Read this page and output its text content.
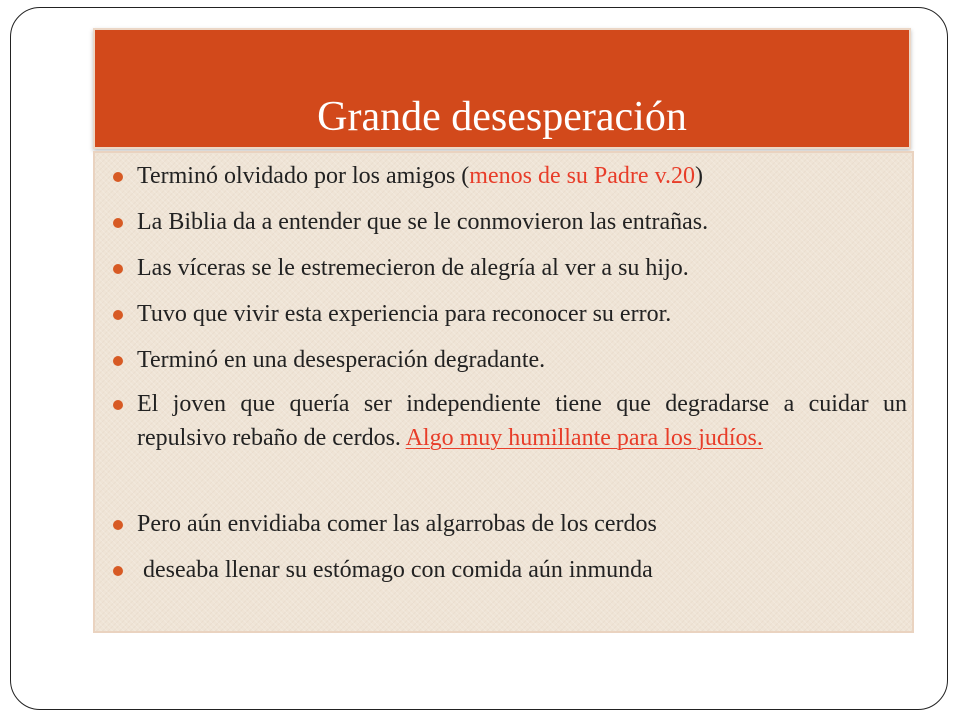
Grande desesperación
Terminó olvidado por los amigos (menos de su Padre v.20)
La Biblia da a entender que se le conmovieron las entrañas.
Las víceras se le estremecieron de alegría al ver a su hijo.
Tuvo que vivir esta experiencia para reconocer su error.
Terminó en una desesperación degradante.
El joven que quería ser independiente tiene que degradarse a cuidar un repulsivo rebaño de cerdos. Algo muy humillante para los judíos.
Pero aún envidiaba comer las algarrobas de los cerdos
deseaba llenar su estómago con comida aún inmunda
